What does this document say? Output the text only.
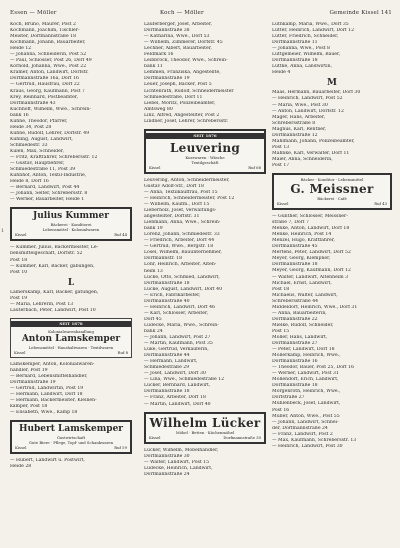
Essen — Möller	Koch — Möller	Gemeinde Kissel 141
Koch, Bruno, Maurer, Post 2
Kochmann, Joachim, Tischler-
Meister, Dorfmannstraße 18
Kochmann, Johann, Bauarbeiter,
Heide 12
— Johanna, Schneiderin, Post 52
— Paul, Schlosser, Post 26, Dorf 49
Kornold, Johanna, Wwe., Post 22
Krämer, Anton, Landwirt, Dorfstr.
Dorfmannstraße 16a, Dorf 16
— Gertrud, Hausfrau, Dorf 22
Kraus, Georg, Kaufmann, Post 7
Krey, Reinhard, Postbeamter,
Dorfmannstraße 43
Kuchhoff, Wilhelm, Wwe., Schrein-
bank 16
Kühne, Theodor, Pfarrer,
Heide 34, Post 28
Kühne, Rudolf, Lehrer, Dorfstr. 49
Kühling, August, Landwirt,
Schmiedestr. 33
Külen, Max, Schneider,
— Fritz, Kraftfahrer, Schrebersstr. 12
— Gustav, Hauptlehrer,
Schmiedestraße 11, Post 39
Kühnhof, Anton, Textil-Industrie,
Heide 8, Dorf 16
— Bernard, Landwirt, Post 44
— Johann, Selter, Schrebersstr. 8
— Werner, Bauarbeiter, Heide 1
Julius Kummer
Bäckerei · Konditorei
Lebensmittel · Kolonialwaren
Kissel	Ruf 44
— Kummer, Julius, Bäckermeister, Le-
bensmittelgeschäft, Dorfstr. 52
Post 18
— Kummer, Karl, Bäcker, gäbungen,
Post 10
L
Lamerskamp, Karl, Bäcker, gätungen,
Post 19
— Maria, Lehrerin, Post 13
Lauterbach, Peter, Landwirt, Post 10
SEIT 1878
Kolonialwarenhandlung
Anton Lamskemper
Lebensmittel · Haushaltwaren · Textilwaren
Kissel	Ruf 8
Lamskemper, Anton, Kolonialwaren-
händler, Post 19
— Bernard, Lebensmittelhändler,
Dorfmannstraße 19
— Gertrud, Landwirtin, Post 19
— Hermann, Landwirt, Dorf 18
— Hermann, Bäckermeister, Kleinen-
kamper, Post 18
— Elisabeth, Wwe., Kamp 18
Hubert Lamskemper
Gastwirtschaft
Gute Biere · Pflege, Topf- und Schankwaren
Kissel	Ruf 59
— Hubert, Landwirt u. Postwirt,
Heide 28
Lauferberger, Josef, Arbeiter,
Dorfmannstraße 38
— Katharina, Wwe., Dorf 53
— Wilhelm, Zimmerer, Dorfstr. 45
Lechner, Albert, Bauarbeiter,
Feldmark 16
Leibbrock, Theodor, Wwe., Schrein-
bank 11
Lemmen, Franziska, Angestellte,
Dorfmannstraße 19
Leuer, Joseph, Bäcker, Post 5
Lichtenrath, Rudolf, Schneidermeister
Schmiedestraße, Dorf 11
Liebel, Moritz, Polizeibeamter,
Amtsweg 80
Linz, Alfred, Angestellter, Post 2
Lindner, Josef, Lehrer, Schrebersstr.
SEIT 1876
Leuvering
Kurzwaren · Wäsche
Textilgeschäft
Kissel	Ruf 68
Leuvering, Anton, Schneidermeister,
Gustav Adolf-Str., Dorf 18
— Anna, Textilkauffrau, Post 15
— Heinrich, Schneidermeister, Post 12
— Wilhelm, Kaufm., Dorf 15
Lieberholz, Josef, Verwaltungs-
angestellter, Dorfstr. 31
Liebmann, Anna, Wwe., Schrein-
bank 19
Lorenz, Johann, Schmiedestr. 33
— Friedrich, Arbeiter, Dorf 44
— Gertrud, Wwe., Bergstr. 18
Lösel, Wilhelm, Bauunternehmer,
Dorfmannstr. 18
Löhr, Heinrich, Arbeiter, Alten-
heim 13
Lücke, Otto, Schmied, Landwirt,
Dorfmannstraße 18
Lücke, August, Landwirt, Dorf 40
— Erich, Fabrikarbeiter,
Dorfmannstraße 40
— Heinrich, Landwirt, Dorf 46
— Karl, Schlosser, Arbeiter,
Dorf 45
Lüdecke, Maria, Wwe., Schrein-
bank 24
— Johann, Landwirt, Post 27
— Martin, Kaufmann, Post 35
Lüke, Gertrud, Verkäuferin,
Dorfmannstraße 44
— Hermann, Landwirt,
Schmiedestraße 29
— Josef, Landwirt, Dorf 30
— Lina, Wwe., Schmiedestraße 12
Lücker, Bernhard, Landwirt,
Dorfmannstraße 18
— Franz, Arbeiter, Dorf 18
— Martin, Landwirt, Dorf 40
Wilhelm Lücker
Möbel · Betten · Küchenmöbel
Kissel	Dorfmannstraße 30
Lücker, Wilhelm, Möbelhändler,
Dorfmannstraße 30
— Walter, Landwirt, Post 15
Lüdecke, Heinrich, Landwirt,
Dorfmannstraße 24
Lüthkamp, Maria, Wwe., Dorf 35
Lutter, Heinrich, Landwirt, Dorf 12
Lutter, Friedrich, Schneider,
Dorfmannstraße 11
— Johanna, Wwe., Post 8
Lüttgemeier, Wilhelm, Bauer,
Dorfmannstraße 18
Lüttke, Anna, Landwirtin,
Heide 4
M
Maas, Hermann, Bauarbeiter, Dorf 30
— Heinrich, Landwirt, Post 52
— Maria, Wwe., Post 30
— Anton, Landwirt, Dorfstr. 12
Mager, Hans, Arbeiter,
Schrebersstraße 8
Magnus, Karl, Rentner,
Dorfmannstraße 12
Mahlmann, Johann, Polizeibeamter,
Post 13
Mahnke, Karl, Verwalter, Dorf 11
Maier, Anna, Schneiderin,
Post 17
Bäcker · Konditor · Lebensmittel
G. Meissner
Bäckerei · Café
Kissel	Ruf 43
— Günther, Schlosser, Meissner-
straße 7, Dorf 7
Menke, Anton, Landwirt, Dorf 18
Menke, Heinrich, Post 14
Menzel, Hugo, Kraftfahrer,
Dorfmannstraße 45
Mertens, Peter, Landwirt, Dorf 52
Meyer, Georg, Klempner,
Dorfmannstraße 18
Meyer, Georg, Kaufmann, Dorf 12
— Walter, Landwirt, Altenheim 3
Michael, Ernst, Landwirt,
Post 18
Michaelis, Walter, Landwirt,
Schrebersstraße 44
Middeldorf, Heinrich, Wwe., Dorf 31
— Anna, Bauarbeiterin,
Dorfmannstraße 22
Mielke, Rudolf, Schneider,
Post 15
Möller, Hans, Landwirt,
Dorfmannstraße 27
— Peter, Landwirt, Dorf 18
Möllerkamp, Heinrich, Wwe.,
Dorfmannstraße 16
— Theodor, Bauer, Post 25, Dorf 16
— Werner, Landwirt, Post 31
Möllendorf, Erich, Landwirt,
Dorfmannstraße 18
Morgenroth, Heinrich, Wwe.,
Dorfstraße 27
Mühlenbeck, Josef, Landwirt,
Post 16
Müller, Anton, Wwe., Post 55
— Johann, Landwirt, Schnei-
der, Dorfmannstraße 24
— Franz, Landwirt, Post 2
— Max, Kaufmann, Schrebersstr. 13
— Heinrich, Landwirt, Post 30
1
